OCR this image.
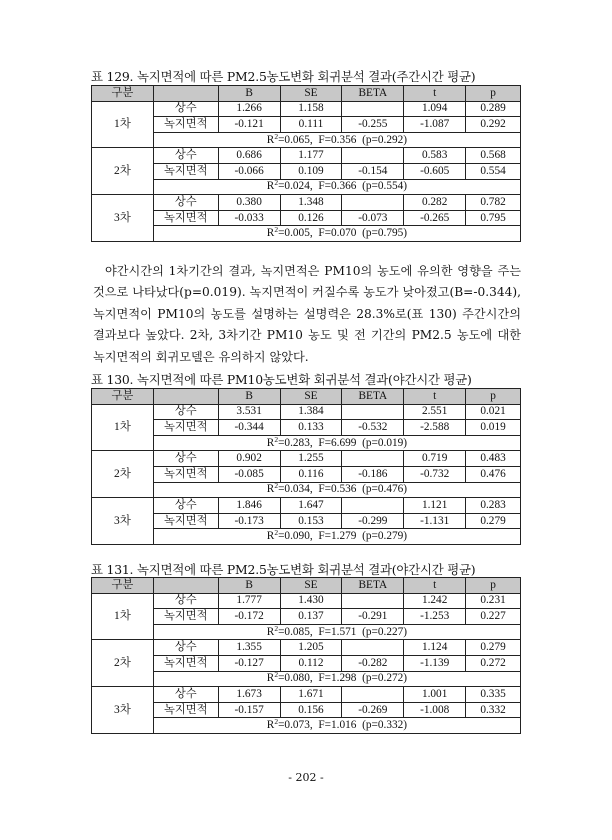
표 129. 녹지면적에 따른 PM2.5농도변화 회귀분석 결과(주간시간 평균)
구분		B	SE	BETA	t	p
1차	상수	1.266	1.158		1.094	0.289
	녹지면적	-0.121	0.111	-0.255	-1.087	0.292
	$R^2=0.065$, F=0.356 (p=0.292)					
2차	상수	0.686	1.177		0.583	0.568
	녹지면적	-0.066	0.109	-0.154	-0.605	0.554
	$R^2=0.024$, F=0.366 (p=0.554)					
3차	상수	0.380	1.348		0.282	0.782
	녹지면적	-0.033	0.126	-0.073	-0.265	0.795
	$R^2=0.005$, F=0.070 (p=0.795)					

야간시간의 1차기간의 결과, 녹지면적은 PM10의 농도에 유의한 영향을 주는 것으로 나타났다(p=0.019). 녹지면적이 커질수록 농도가 낮아졌고(B=-0.344), 녹지면적이 PM10의 농도를 설명하는 설명력은 28.3%로(표 130) 주간시간의 결과보다 높았다. 2차, 3차기간 PM10 농도 및 전 기간의 PM2.5 농도에 대한 녹지면적의 회귀모델은 유의하지 않았다.

표 130. 녹지면적에 따른 PM10농도변화 회귀분석 결과(야간시간 평균)
구분		B	SE	BETA	t	p
1차	상수	3.531	1.384		2.551	0.021
	녹지면적	-0.344	0.133	-0.532	-2.588	0.019
	$R^2=0.283$, F=6.699 (p=0.019)					
2차	상수	0.902	1.255		0.719	0.483
	녹지면적	-0.085	0.116	-0.186	-0.732	0.476
	$R^2=0.034$, F=0.536 (p=0.476)					
3차	상수	1.846	1.647		1.121	0.283
	녹지면적	-0.173	0.153	-0.299	-1.131	0.279
	$R^2=0.090$, F=1.279 (p=0.279)					
표 131. 녹지면적에 따른 PM2.5농도변화 회귀분석 결과(야간시간 평균)
구분		B	SE	BETA	t	p
1차	상수	1.777	1.430		1.242	0.231
	녹지면적	-0.172	0.137	-0.291	-1.253	0.227
	$R^2=0.085$, F=1.571 (p=0.227)					
2차	상수	1.355	1.205		1.124	0.279
	녹지면적	-0.127	0.112	-0.282	-1.139	0.272
	$R^2=0.080$, F=1.298 (p=0.272)					
3차	상수	1.673	1.671		1.001	0.335
	녹지면적	-0.157	0.156	-0.269	-1.008	0.332
	$R^2=0.073$, F=1.016 (p=0.332)					
- 202 -
